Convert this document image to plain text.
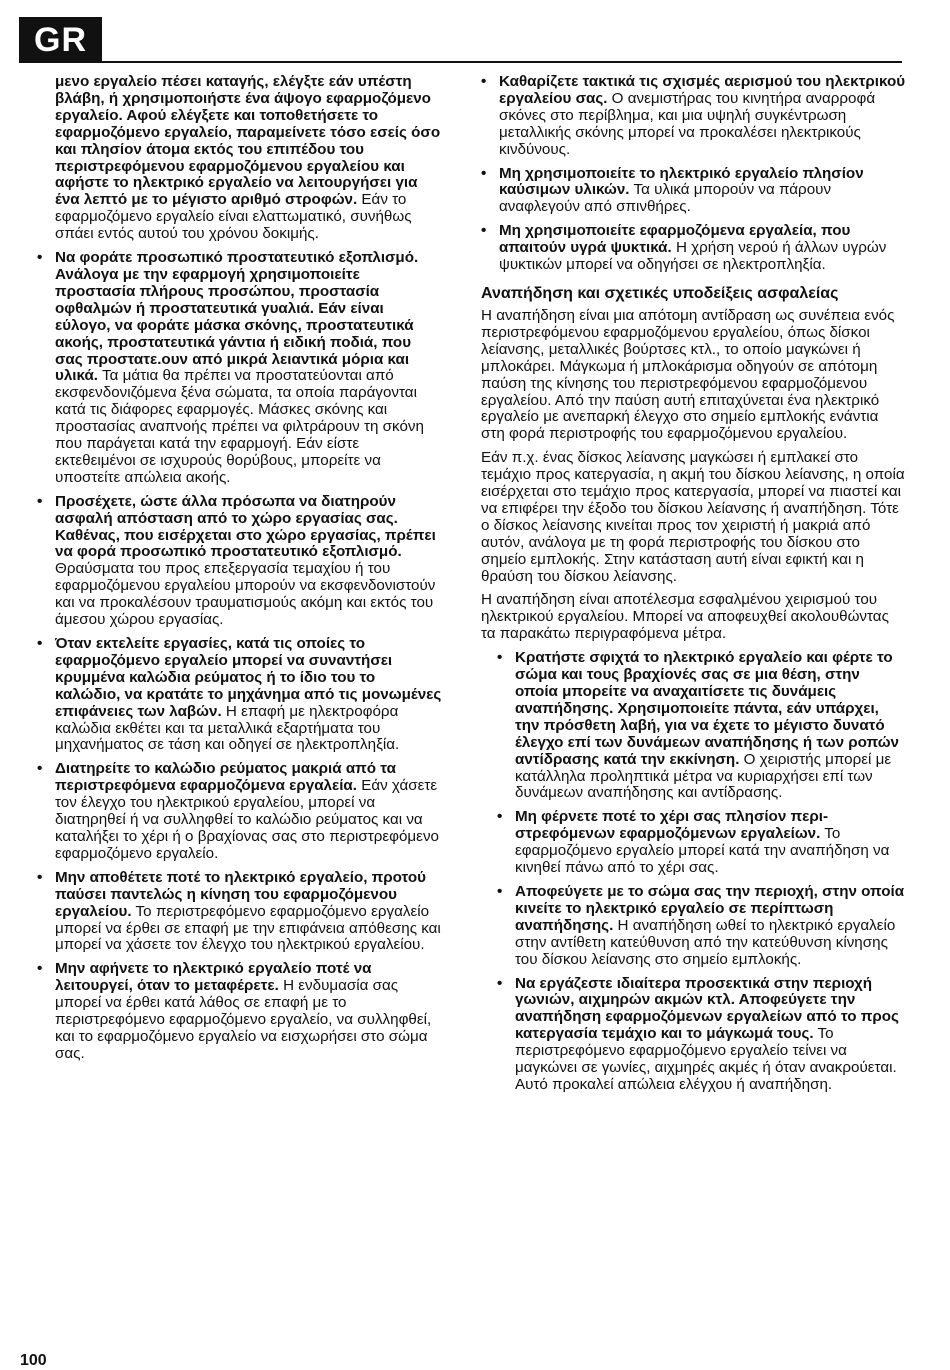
GR

μενο εργαλείο πέσει καταγής, ελέγξτε εάν υπέστη βλάβη, ή χρησιμοποιήστε ένα άψογο εφαρμοζόμενο εργαλείο. Αφού ελέγξετε και τοποθετήσετε το εφαρμοζόμενο εργαλείο, παραμείνετε τόσο εσείς όσο και πλησίον άτομα εκτός του επιπέδου του περιστρεφόμενου εφαρμοζόμενου εργαλείου και αφήστε το ηλεκτρικό εργαλείο να λειτουργήσει για ένα λεπτό με το μέγιστο αριθμό στροφών. Εάν το εφαρμοζόμενο εργαλείο είναι ελαττωματικό, συνήθως σπάει εντός αυτού του χρόνου δοκιμής.

• Να φοράτε προσωπικό προστατευτικό εξοπλισμό. Ανάλογα με την εφαρμογή χρησιμοποιείτε προστασία πλήρους προσώπου, προστασία οφθαλμών ή προστατευτικά γυαλιά. Εάν είναι εύλογο, να φοράτε μάσκα σκόνης, προστατευτικά ακοής, προστατευτικά γάντια ή ειδική ποδιά, που σας προστατε.ουν από μικρά λειαντικά μόρια και υλικά. Τα μάτια θα πρέπει να προστατεύονται από εκσφενδονιζόμενα ξένα σώματα, τα οποία παράγονται κατά τις διάφορες εφαρμογές. Μάσκες σκόνης και προστασίας αναπνοής πρέπει να φιλτράρουν τη σκόνη που παράγεται κατά την εφαρμογή. Εάν είστε εκτεθειμένοι σε ισχυρούς θορύβους, μπορείτε να υποστείτε απώλεια ακοής.
• Προσέχετε, ώστε άλλα πρόσωπα να διατηρούν ασφαλή απόσταση από το χώρο εργασίας σας. Καθένας, που εισέρχεται στο χώρο εργασίας, πρέπει να φορά προσωπικό προστατευτικό εξοπλισμό. Θραύσματα του προς επεξεργασία τεμαχίου ή του εφαρμοζόμενου εργαλείου μπορούν να εκσφενδονιστούν και να προκαλέσουν τραυματισμούς ακόμη και εκτός του άμεσου χώρου εργασίας.
• Όταν εκτελείτε εργασίες, κατά τις οποίες το εφαρμοζόμενο εργαλείο μπορεί να συναντήσει κρυμμένα καλώδια ρεύματος ή το ίδιο του το καλώδιο, να κρατάτε το μηχάνημα από τις μονωμένες επιφάνειες των λαβών. Η επαφή με ηλεκτροφόρα καλώδια εκθέτει και τα μεταλλικά εξαρτήματα του μηχανήματος σε τάση και οδηγεί σε ηλεκτροπληξία.
• Διατηρείτε το καλώδιο ρεύματος μακριά από τα περιστρεφόμενα εφαρμοζόμενα εργαλεία. Εάν χάσετε τον έλεγχο του ηλεκτρικού εργαλείου, μπορεί να διατηρηθεί ή να συλληφθεί το καλώδιο ρεύματος και να καταλήξει το χέρι ή ο βραχίονας σας στο περιστρεφόμενο εφαρμοζόμενο εργαλείο.
• Μην αποθέτετε ποτέ το ηλεκτρικό εργαλείο, προτού παύσει παντελώς η κίνηση του εφαρμοζόμενου εργαλείου. Το περιστρεφόμενο εφαρμοζόμενο εργαλείο μπορεί να έρθει σε επαφή με την επιφάνεια απόθεσης και μπορεί να χάσετε τον έλεγχο του ηλεκτρικού εργαλείου.
• Μην αφήνετε το ηλεκτρικό εργαλείο ποτέ να λειτουργεί, όταν το μεταφέρετε. Η ενδυμασία σας μπορεί να έρθει κατά λάθος σε επαφή με το περιστρεφόμενο εφαρμοζόμενο εργαλείο, να συλληφθεί, και το εφαρμοζόμενο εργαλείο να εισχωρήσει στο σώμα σας.
• Καθαρίζετε τακτικά τις σχισμές αερισμού του ηλεκτρικού εργαλείου σας. Ο ανεμιστήρας του κινητήρα αναρροφά σκόνες στο περίβλημα, και μια υψηλή συγκέντρωση μεταλλικής σκόνης μπορεί να προκαλέσει ηλεκτρικούς κινδύνους.
• Μη χρησιμοποιείτε το ηλεκτρικό εργαλείο πλησίον καύσιμων υλικών. Τα υλικά μπορούν να πάρουν αναφλεγούν από σπινθήρες.
• Μη χρησιμοποιείτε εφαρμοζόμενα εργαλεία, που απαιτούν υγρά ψυκτικά. Η χρήση νερού ή άλλων υγρών ψυκτικών μπορεί να οδηγήσει σε ηλεκτροπληξία.
Αναπήδηση και σχετικές υποδείξεις ασφαλείας

Η αναπήδηση είναι μια απότομη αντίδραση ως συνέπεια ενός περιστρεφόμενου εφαρμοζόμενου εργαλείου, όπως δίσκοι λείανσης, μεταλλικές βούρτσες κτλ., το οποίο μαγκώνει ή μπλοκάρει. Μάγκωμα ή μπλοκάρισμα οδηγούν σε απότομη παύση της κίνησης του περιστρεφόμενου εφαρμοζόμενου εργαλείου. Από την παύση αυτή επιταχύνεται ένα ηλεκτρικό εργαλείο με ανεπαρκή έλεγχο στο σημείο εμπλοκής ενάντια στη φορά περιστροφής του εφαρμοζόμενου εργαλείου.

Εάν π.χ. ένας δίσκος λείανσης μαγκώσει ή εμπλακεί στο τεμάχιο προς κατεργασία, η ακμή του δίσκου λείανσης, η οποία εισέρχεται στο τεμάχιο προς κατεργασία, μπορεί να πιαστεί και να επιφέρει την έξοδο του δίσκου λείανσης ή αναπήδηση. Τότε ο δίσκος λείανσης κινείται προς τον χειριστή ή μακριά από αυτόν, ανάλογα με τη φορά περιστροφής του δίσκου στο σημείο εμπλοκής. Στην κατάσταση αυτή είναι εφικτή και η θραύση του δίσκου λείανσης.

Η αναπήδηση είναι αποτέλεσμα εσφαλμένου χειρισμού του ηλεκτρικού εργαλείου. Μπορεί να αποφευχθεί ακολουθώντας τα παρακάτω περιγραφόμενα μέτρα.

• Κρατήστε σφιχτά το ηλεκτρικό εργαλείο και φέρτε το σώμα και τους βραχίονές σας σε μια θέση, στην οποία μπορείτε να αναχαιτίσετε τις δυνάμεις αναπήδησης. Χρησιμοποιείτε πάντα, εάν υπάρχει, την πρόσθετη λαβή, για να έχετε το μέγιστο δυνατό έλεγχο επί των δυνάμεων αναπήδησης ή των ροπών αντίδρασης κατά την εκκίνηση. Ο χειριστής μπορεί με κατάλληλα προληπτικά μέτρα να κυριαρχήσει επί των δυνάμεων αναπήδησης και αντίδρασης.
• Μη φέρνετε ποτέ το χέρι σας πλησίον περιστρεφόμενων εφαρμοζόμενων εργαλείων. Το εφαρμοζόμενο εργαλείο μπορεί κατά την αναπήδηση να κινηθεί πάνω από το χέρι σας.
• Αποφεύγετε με το σώμα σας την περιοχή, στην οποία κινείτε το ηλεκτρικό εργαλείο σε περίπτωση αναπήδησης. Η αναπήδηση ωθεί το ηλεκτρικό εργαλείο στην αντίθετη κατεύθυνση από την κατεύθυνση κίνησης του δίσκου λείανσης στο σημείο εμπλοκής.
• Να εργάζεστε ιδιαίτερα προσεκτικά στην περιοχή γωνιών, αιχμηρών ακμών κτλ. Αποφεύγετε την αναπήδηση εφαρμοζόμενων εργαλείων από το προς κατεργασία τεμάχιο και το μάγκωμά τους. Το περιστρεφόμενο εφαρμοζόμενο εργαλείο τείνει να μαγκώνει σε γωνίες, αιχμηρές ακμές ή όταν ανακρούεται. Αυτό προκαλεί απώλεια ελέγχου ή αναπήδηση.
100
